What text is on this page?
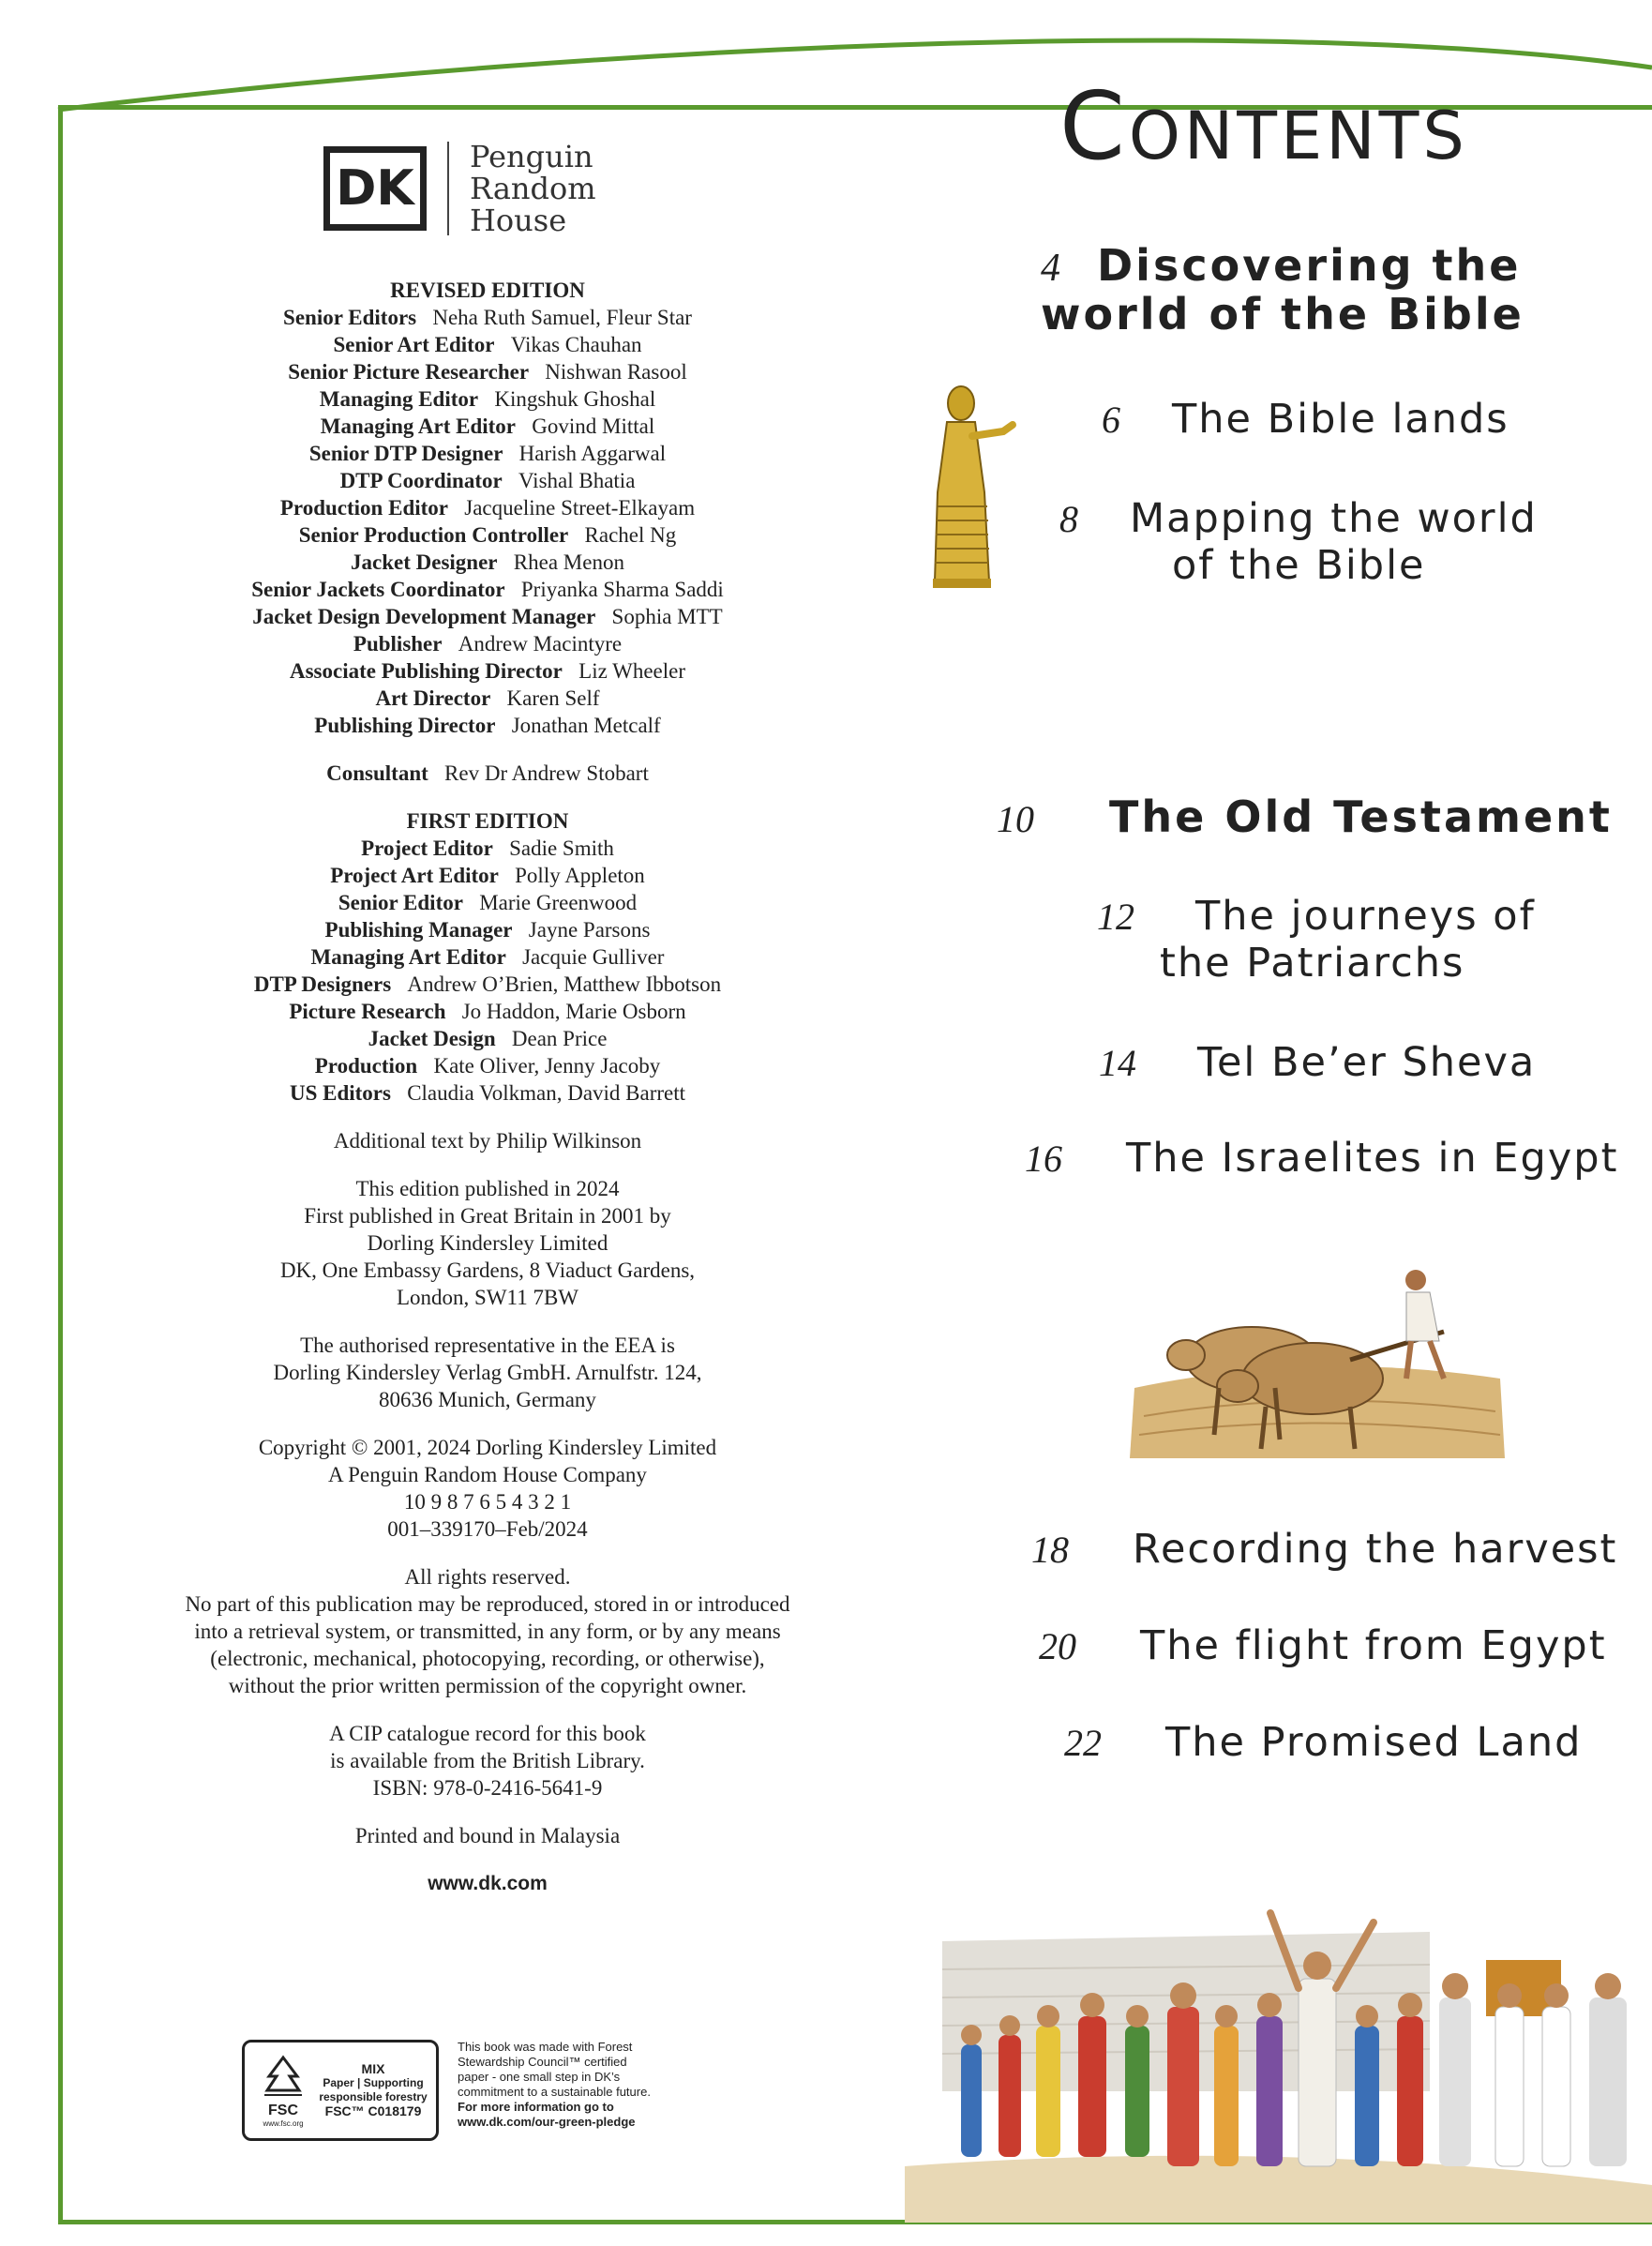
DK
Penguin
Random
House
REVISED EDITION
Senior Editors Neha Ruth Samuel, Fleur Star
Senior Art Editor Vikas Chauhan
Senior Picture Researcher Nishwan Rasool
Managing Editor Kingshuk Ghoshal
Managing Art Editor Govind Mittal
Senior DTP Designer Harish Aggarwal
DTP Coordinator Vishal Bhatia
Production Editor Jacqueline Street-Elkayam
Senior Production Controller Rachel Ng
Jacket Designer Rhea Menon
Senior Jackets Coordinator Priyanka Sharma Saddi
Jacket Design Development Manager Sophia MTT
Publisher Andrew Macintyre
Associate Publishing Director Liz Wheeler
Art Director Karen Self
Publishing Director Jonathan Metcalf
Consultant Rev Dr Andrew Stobart
FIRST EDITION
Project Editor Sadie Smith
Project Art Editor Polly Appleton
Senior Editor Marie Greenwood
Publishing Manager Jayne Parsons
Managing Art Editor Jacquie Gulliver
DTP Designers Andrew O’Brien, Matthew Ibbotson
Picture Research Jo Haddon, Marie Osborn
Jacket Design Dean Price
Production Kate Oliver, Jenny Jacoby
US Editors Claudia Volkman, David Barrett
Additional text by Philip Wilkinson
This edition published in 2024
First published in Great Britain in 2001 by
Dorling Kindersley Limited
DK, One Embassy Gardens, 8 Viaduct Gardens,
London, SW11 7BW
The authorised representative in the EEA is
Dorling Kindersley Verlag GmbH. Arnulfstr. 124,
80636 Munich, Germany
Copyright © 2001, 2024 Dorling Kindersley Limited
A Penguin Random House Company
10 9 8 7 6 5 4 3 2 1
001–339170–Feb/2024
All rights reserved.
No part of this publication may be reproduced, stored in or introduced
into a retrieval system, or transmitted, in any form, or by any means
(electronic, mechanical, photocopying, recording, or otherwise),
without the prior written permission of the copyright owner.
A CIP catalogue record for this book
is available from the British Library.
ISBN: 978-0-2416-5641-9
Printed and bound in Malaysia
www.dk.com
FSC
www.fsc.org
MIX
Paper | Supporting
responsible forestry
FSC™ C018179
This book was made with Forest
Stewardship Council™ certified
paper - one small step in DK’s
commitment to a sustainable future.
For more information go to
www.dk.com/our-green-pledge
Contents
4 Discovering the
world of the Bible
6 The Bible lands
8 Mapping the world
of the Bible
10 The Old Testament
12 The journeys of
the Patriarchs
14 Tel Be’er Sheva
16 The Israelites in Egypt
18 Recording the harvest
20 The flight from Egypt
22 The Promised Land
